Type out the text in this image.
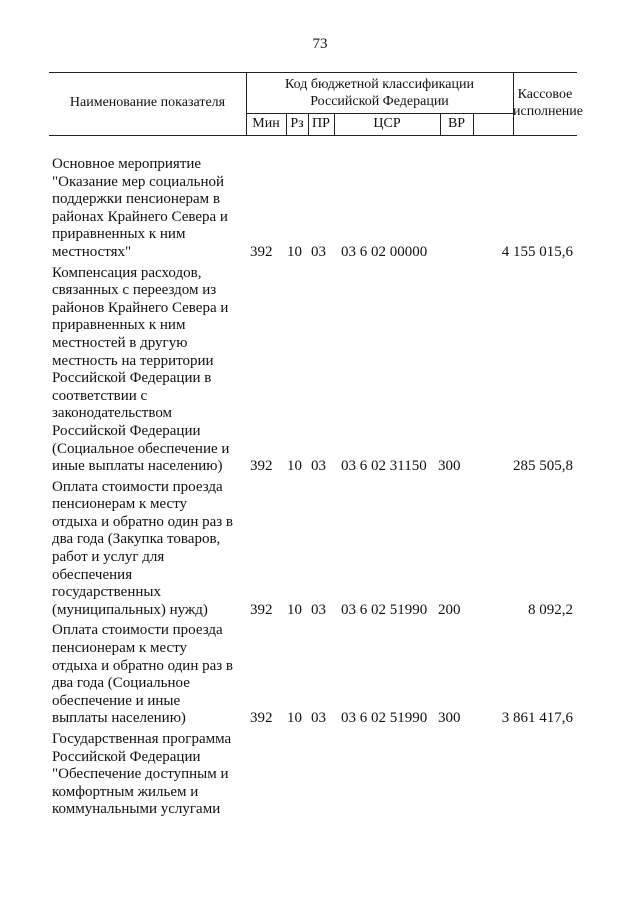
73
Наименование показателя
Код бюджетной классификации
Российской Федерации	Кассовое
исполнение
Мин Рз ПР	ЦСР	ВР
Основное мероприятие
"Оказание мер социальной
поддержки пенсионерам в
районах Крайнего Севера и
приравненных к ним
местностях"	392 10 03 03 6 02 00000	4 155 015,6
Компенсация расходов,
связанных с переездом из
районов Крайнего Севера и
приравненных к ним
местностей в другую
местность на территории
Российской Федерации в
соответствии с
законодательством
Российской Федерации
(Социальное обеспечение и
иные выплаты населению)	392 10 03 03 6 02 31150 300	285 505,8
Оплата стоимости проезда
пенсионерам к месту
отдыха и обратно один раз в
два года (Закупка товаров,
работ и услуг для
обеспечения
государственных
(муниципальных) нужд)	392 10 03 03 6 02 51990 200	8 092,2
Оплата стоимости проезда
пенсионерам к месту
отдыха и обратно один раз в
два года (Социальное
обеспечение и иные
выплаты населению)	392 10 03 03 6 02 51990 300	3 861 417,6
Государственная программа
Российской Федерации
"Обеспечение доступным и
комфортным жильем и
коммунальными услугами
